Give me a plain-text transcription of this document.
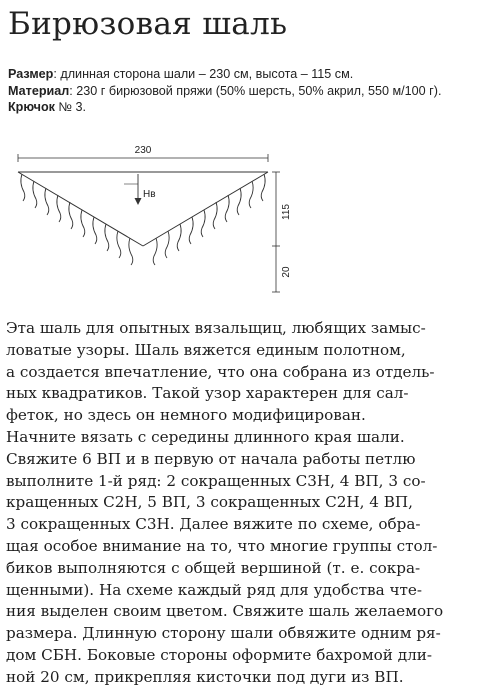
Бирюзовая шаль
Размер: длинная сторона шали – 230 см, высота – 115 см.
Материал: 230 г бирюзовой пряжи (50% шерсть, 50% акрил, 550 м/100 г).
Крючок № 3.
230
Нв
115
20
Эта шаль для опытных вязальщиц, любящих замыс-
ловатые узоры. Шаль вяжется единым полотном,
а создается впечатление, что она собрана из отдель-
ных квадратиков. Такой узор характерен для сал-
феток, но здесь он немного модифицирован.
Начните вязать с середины длинного края шали.
Свяжите 6 ВП и в первую от начала работы петлю
выполните 1-й ряд: 2 сокращенных С3Н, 4 ВП, 3 со-
кращенных С2Н, 5 ВП, 3 сокращенных С2Н, 4 ВП,
3 сокращенных С3Н. Далее вяжите по схеме, обра-
щая особое внимание на то, что многие группы стол-
биков выполняются с общей вершиной (т. е. сокра-
щенными). На схеме каждый ряд для удобства чте-
ния выделен своим цветом. Свяжите шаль желаемого
размера. Длинную сторону шали обвяжите одним ря-
дом СБН. Боковые стороны оформите бахромой дли-
ной 20 см, прикрепляя кисточки под дуги из ВП.
